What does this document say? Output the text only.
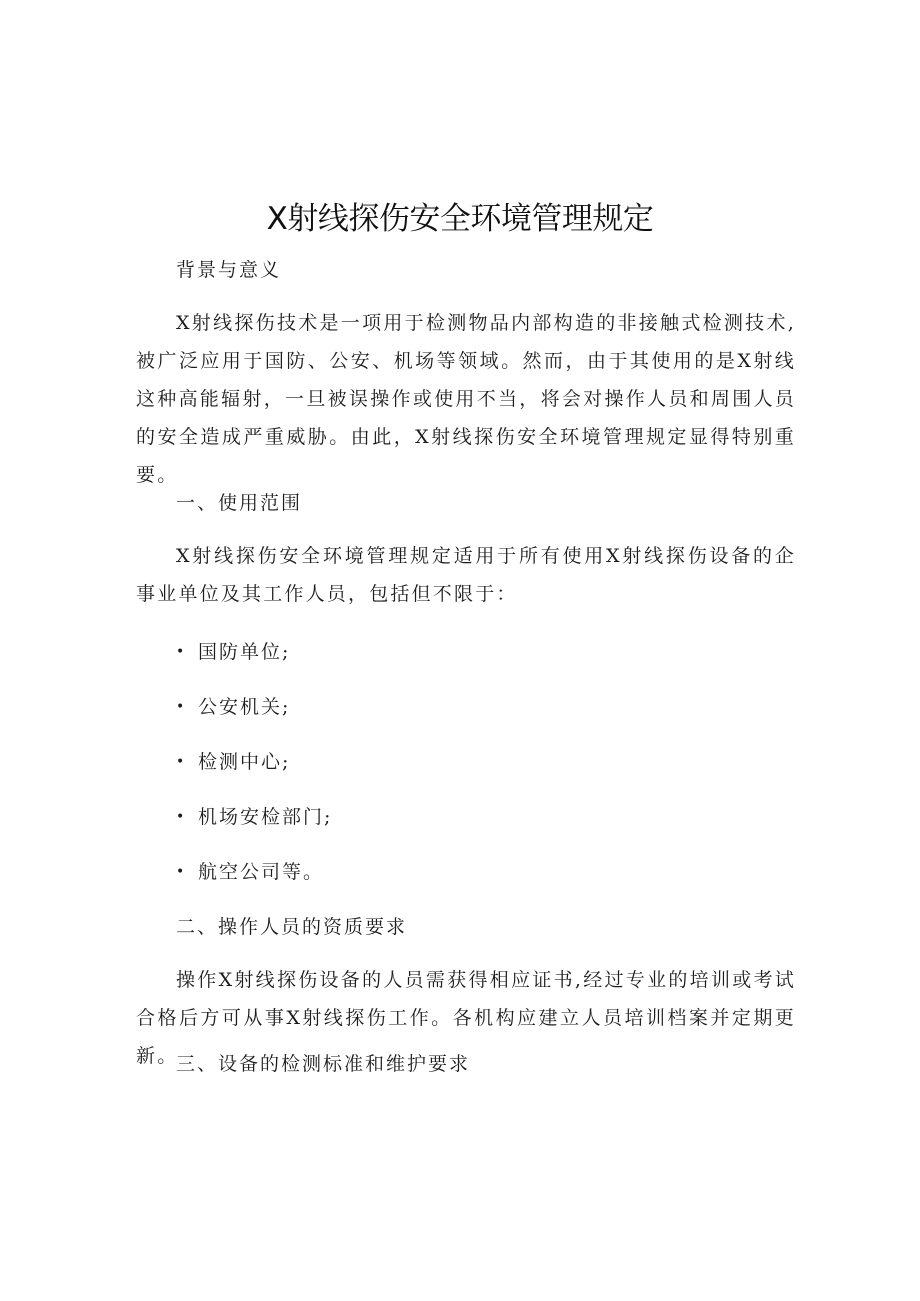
X射线探伤安全环境管理规定
背景与意义
X射线探伤技术是一项用于检测物品内部构造的非接触式检测技术,被广泛应用于国防、公安、机场等领域。然而，由于其使用的是X射线这种高能辐射，一旦被误操作或使用不当，将会对操作人员和周围人员的安全造成严重威胁。由此，X射线探伤安全环境管理规定显得特别重要。
一、使用范围
X射线探伤安全环境管理规定适用于所有使用X射线探伤设备的企事业单位及其工作人员，包括但不限于：
• 国防单位;
• 公安机关;
• 检测中心;
• 机场安检部门;
• 航空公司等。
二、操作人员的资质要求
操作X射线探伤设备的人员需获得相应证书,经过专业的培训或考试合格后方可从事X射线探伤工作。各机构应建立人员培训档案并定期更新。
三、设备的检测标准和维护要求
